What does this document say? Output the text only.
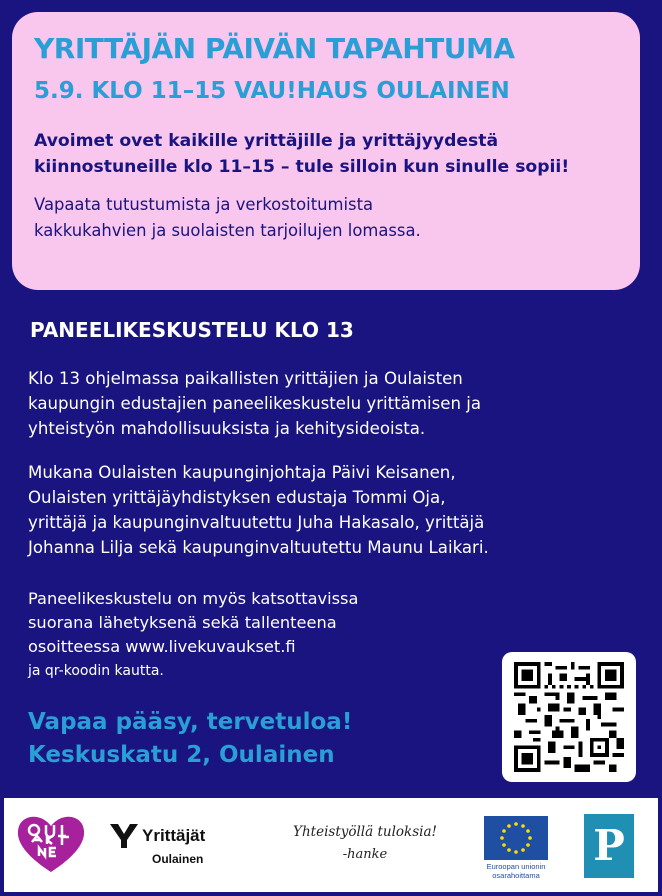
YRITTÄJÄN PÄIVÄN TAPAHTUMA
5.9. KLO 11–15 VAU!HAUS OULAINEN
Avoimet ovet kaikille yrittäjille ja yrittäjyydestä
kiinnostuneille klo 11–15 – tule silloin kun sinulle sopii!
Vapaata tutustumista ja verkostoitumista
kakkukahvien ja suolaisten tarjoilujen lomassa.
PANEELIKESKUSTELU KLO 13
Klo 13 ohjelmassa paikallisten yrittäjien ja Oulaisten
kaupungin edustajien paneelikeskustelu yrittämisen ja
yhteistyön mahdollisuuksista ja kehitysideoista.
Mukana Oulaisten kaupunginjohtaja Päivi Keisanen,
Oulaisten yrittäjäyhdistyksen edustaja Tommi Oja,
yrittäjä ja kaupunginvaltuutettu Juha Hakasalo, yrittäjä
Johanna Lilja sekä kaupunginvaltuutettu Maunu Laikari.
Paneelikeskustelu on myös katsottavissa
suorana lähetyksenä sekä tallenteena
osoitteessa www.livekuvaukset.fi
ja qr-koodin kautta.
Vapaa pääsy, tervetuloa!
Keskuskatu 2, Oulainen
Yrittäjät
Oulainen
Yhteistyöllä tuloksia!
-hanke
Euroopan unionin
osarahoittama
P
